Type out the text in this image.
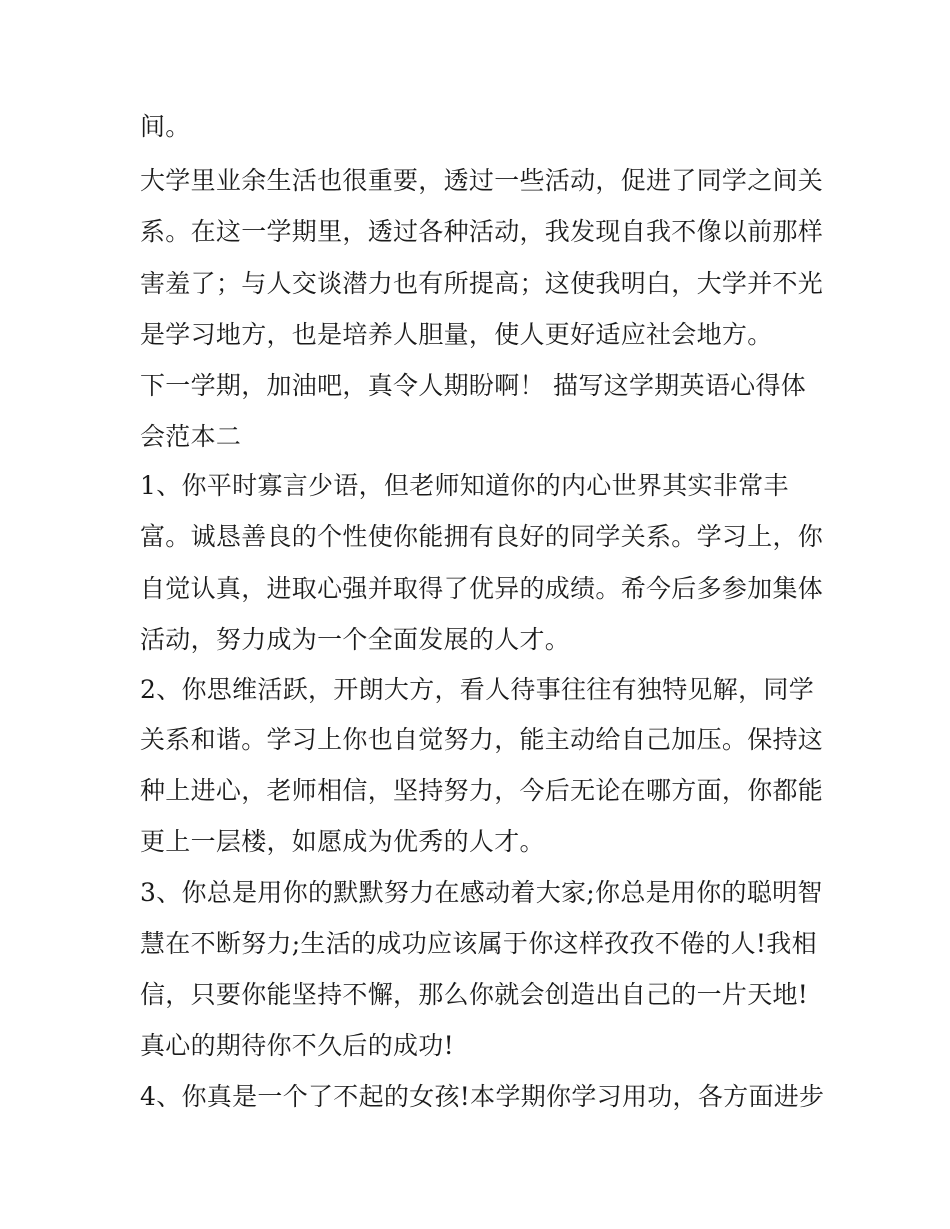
间。

大学里业余生活也很重要，透过一些活动，促进了同学之间关

系。在这一学期里，透过各种活动，我发现自我不像以前那样

害羞了；与人交谈潜力也有所提高；这使我明白，大学并不光

是学习地方，也是培养人胆量，使人更好适应社会地方。

下一学期，加油吧，真令人期盼啊！ 描写这学期英语心得体

会范本二

1、你平时寡言少语，但老师知道你的内心世界其实非常丰

富。诚恳善良的个性使你能拥有良好的同学关系。学习上，你

自觉认真，进取心强并取得了优异的成绩。希今后多参加集体

活动，努力成为一个全面发展的人才。

2、你思维活跃，开朗大方，看人待事往往有独特见解，同学

关系和谐。学习上你也自觉努力，能主动给自己加压。保持这

种上进心，老师相信，坚持努力，今后无论在哪方面，你都能

更上一层楼，如愿成为优秀的人才。

3、你总是用你的默默努力在感动着大家;你总是用你的聪明智

慧在不断努力;生活的成功应该属于你这样孜孜不倦的人!我相

信，只要你能坚持不懈，那么你就会创造出自己的一片天地!

真心的期待你不久后的成功!

4、你真是一个了不起的女孩!本学期你学习用功，各方面进步
